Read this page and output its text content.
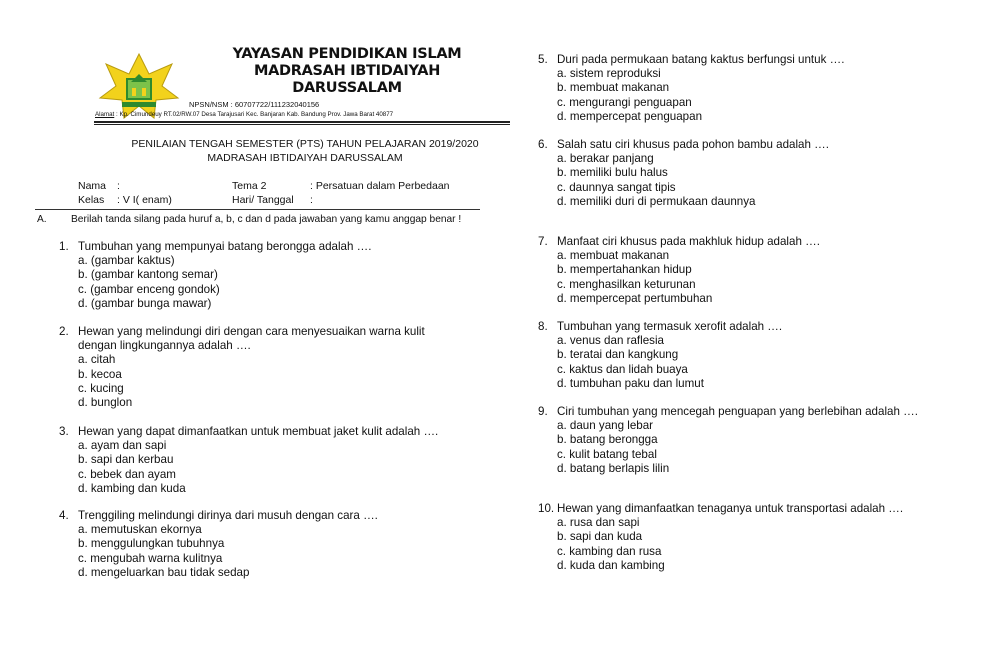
YAYASAN PENDIDIKAN ISLAM
MADRASAH IBTIDAIYAH
DARUSSALAM
NPSN/NSM : 60707722/111232040156
Alamat : Kp. Cimundeuy RT.02/RW.07 Desa Tarajusari Kec. Banjaran Kab. Bandung Prov. Jawa Barat 40877
PENILAIAN TENGAH SEMESTER (PTS) TAHUN PELAJARAN 2019/2020
MADRASAH IBTIDAIYAH DARUSSALAM
Nama :
Kelas : V I( enam)
Tema 2	: Persatuan dalam Perbedaan
Hari/ Tanggal :
A. Berilah tanda silang pada huruf a, b, c dan d pada jawaban yang kamu anggap benar !
1. Tumbuhan yang mempunyai batang berongga adalah ….
a. (gambar kaktus)
b. (gambar kantong semar)
c. (gambar enceng gondok)
d. (gambar bunga mawar)
2. Hewan yang melindungi diri dengan cara menyesuaikan warna kulit
dengan lingkungannya adalah ….
a. citah
b. kecoa
c. kucing
d. bunglon
3. Hewan yang dapat dimanfaatkan untuk membuat jaket kulit adalah ….
a. ayam dan sapi
b. sapi dan kerbau
c. bebek dan ayam
d. kambing dan kuda
4. Trenggiling melindungi dirinya dari musuh dengan cara ….
a. memutuskan ekornya
b. menggulungkan tubuhnya
c. mengubah warna kulitnya
d. mengeluarkan bau tidak sedap
5. Duri pada permukaan batang kaktus berfungsi untuk ….
a. sistem reproduksi
b. membuat makanan
c. mengurangi penguapan
d. mempercepat penguapan
6. Salah satu ciri khusus pada pohon bambu adalah ….
a. berakar panjang
b. memiliki bulu halus
c. daunnya sangat tipis
d. memiliki duri di permukaan daunnya
7. Manfaat ciri khusus pada makhluk hidup adalah ….
a. membuat makanan
b. mempertahankan hidup
c. menghasilkan keturunan
d. mempercepat pertumbuhan
8. Tumbuhan yang termasuk xerofit adalah ….
a. venus dan raflesia
b. teratai dan kangkung
c. kaktus dan lidah buaya
d. tumbuhan paku dan lumut
9. Ciri tumbuhan yang mencegah penguapan yang berlebihan adalah ….
a. daun yang lebar
b. batang berongga
c. kulit batang tebal
d. batang berlapis lilin
10. Hewan yang dimanfaatkan tenaganya untuk transportasi adalah ….
a. rusa dan sapi
b. sapi dan kuda
c. kambing dan rusa
d. kuda dan kambing
